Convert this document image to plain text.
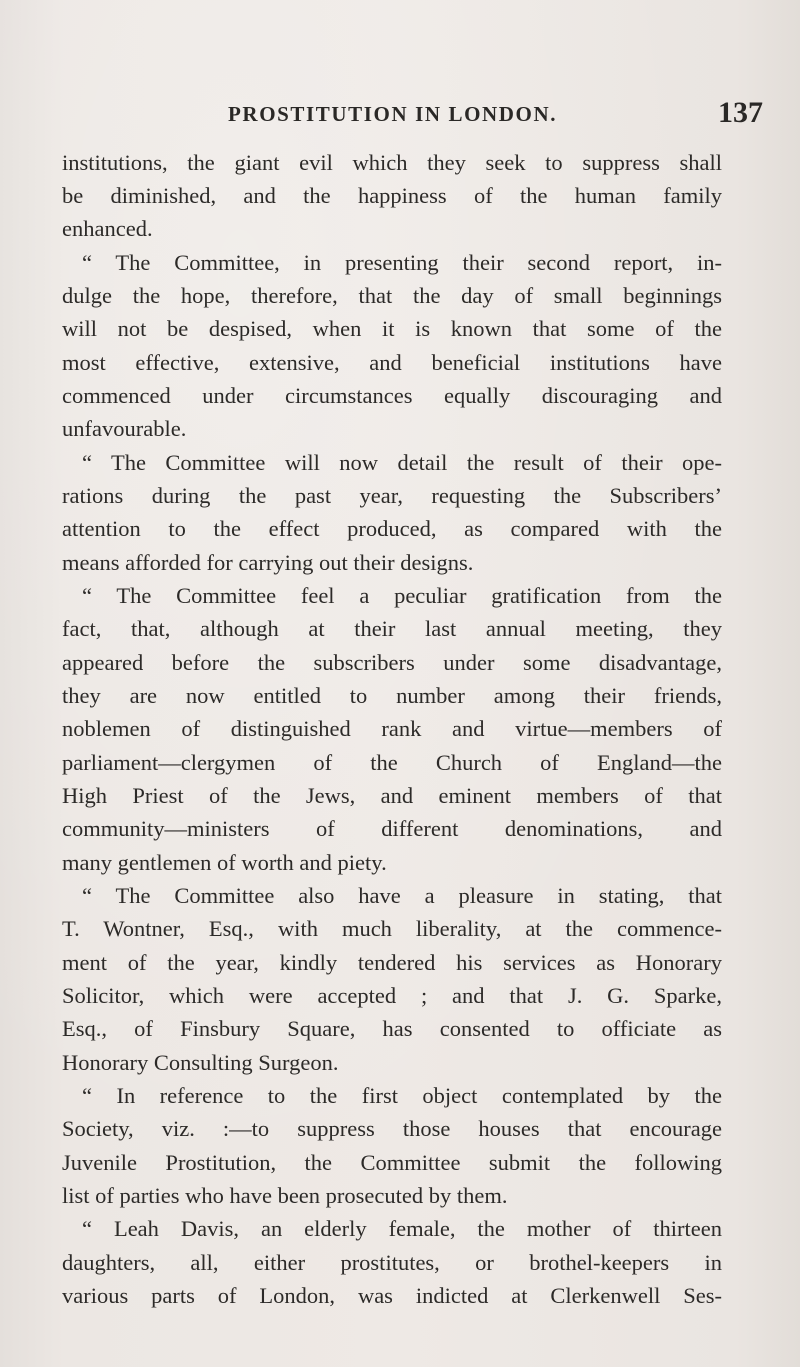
PROSTITUTION IN LONDON.	137
institutions, the giant evil which they seek to suppress shall
be diminished, and the happiness of the human family
enhanced.
“ The Committee, in presenting their second report, in-
dulge the hope, therefore, that the day of small beginnings
will not be despised, when it is known that some of the
most effective, extensive, and beneficial institutions have
commenced under circumstances equally discouraging and
unfavourable.
“ The Committee will now detail the result of their ope-
rations during the past year, requesting the Subscribers’
attention to the effect produced, as compared with the
means afforded for carrying out their designs.
“ The Committee feel a peculiar gratification from the
fact, that, although at their last annual meeting, they
appeared before the subscribers under some disadvantage,
they are now entitled to number among their friends,
noblemen of distinguished rank and virtue—members of
parliament—clergymen of the Church of England—the
High Priest of the Jews, and eminent members of that
community—ministers of different denominations, and
many gentlemen of worth and piety.
“ The Committee also have a pleasure in stating, that
T. Wontner, Esq., with much liberality, at the commence-
ment of the year, kindly tendered his services as Honorary
Solicitor, which were accepted ; and that J. G. Sparke,
Esq., of Finsbury Square, has consented to officiate as
Honorary Consulting Surgeon.
“ In reference to the first object contemplated by the
Society, viz. :—to suppress those houses that encourage
Juvenile Prostitution, the Committee submit the following
list of parties who have been prosecuted by them.
“ Leah Davis, an elderly female, the mother of thirteen
daughters, all, either prostitutes, or brothel-keepers in
various parts of London, was indicted at Clerkenwell Ses-
